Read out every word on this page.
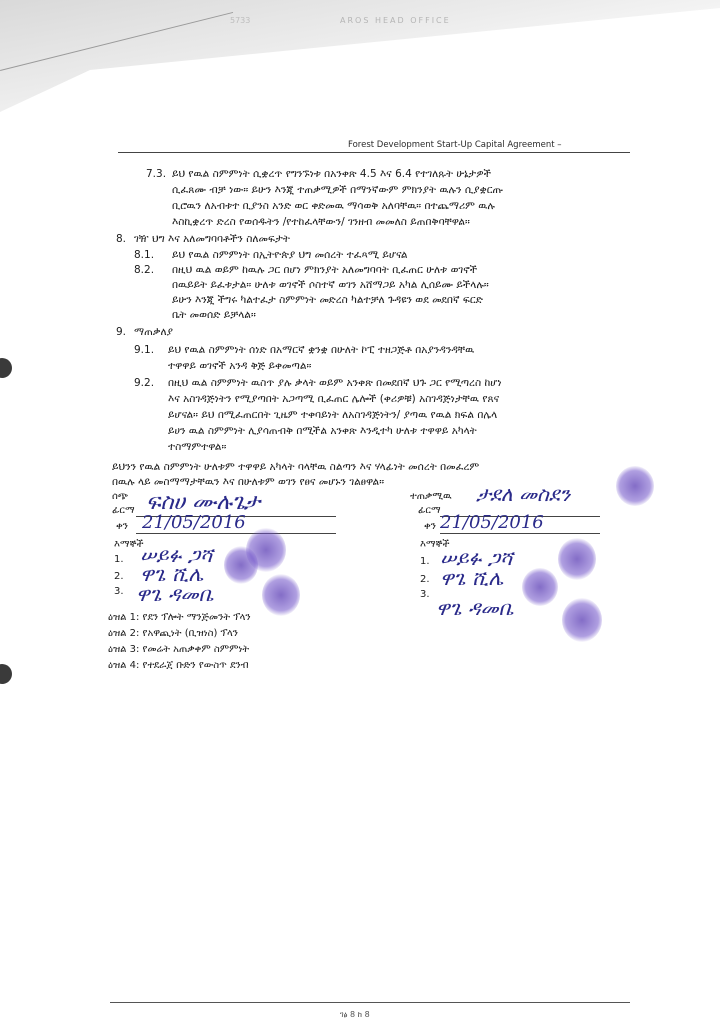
5733	AROS HEAD OFFICE
Forest Development Start-Up Capital Agreement –
7.3. ይህ የዉል ስምምነት ሲቋረጥ የግንኙነቱ በአንቀጽ 4.5 እና 6.4 የተገለጹት ሁኔታዎች
ሲፈጸሙ ብቻ ነው። ይሁን እንጂ ተጠቃሚዎች በማንኛውም ምክንያት ዉሉን ሲያቋርጡ
ቢሮዉን ለአብቱተ ቢያንስ አንድ ወር ቀድመዉ ማሳወቅ አለባቸዉ። በተጨማሪም ዉሉ
እስኪቋረጥ ድረስ የወሰዱትን /የተከፈላቸውን/ ገንዘብ መመለስ ይጠበቅባቸዋል።
8. ገዥ ህግ እና አለመግባባቶችን ስለመፍታት
8.1. ይህ የዉል ስምምነት በኢትዮጵያ ህግ መሰረት ተፈጻሚ ይሆናል
8.2. በዚህ ዉል ወይም ከዉሉ ጋር በሆነ ምክንያት አለመግባባት ቢፈጠር ሁለቱ ወገኖች
በዉይይት ይፈቱታል። ሁለቱ ወገኖች ሶስተኛ ወገን አሸማጋይ አካል ሊሰይሙ ይችላሉ።
ይሁን እንጂ ችግሩ ካልተፈታ ስምምነት መድረስ ካልተቻለ ጉዳዩን ወደ መደበኛ ፍርድ
ቤት መወሰድ ይቻላል።
9. ማጠቃለያ
9.1. ይህ የዉል ስምምነት ሰነድ በአማርኛ ቋንቋ በሁለት ኮፒ ተዘጋጅቶ በአያንዳንዳቸዉ
ተዋዋይ ወገኖች አንዳ ቅጅ ይቀመጣል።
9.2. በዚህ ዉል ስምምነት ዉስጥ ያሉ ቃላት ወይም አንቀጽ በመደበኛ ህጉ ጋር የሚጣረስ ከሆነ
እና አስገዳጅነትን የሚያጣበት አጋጣሚ ቢፈጠር ሌሎች (ቀሪዎቹ) አስገዳጅነታቸዉ የጸና
ይሆናል። ይህ በሚፈጠርበት ጊዜም ተቀባይነት ለአስገዳጅነትን/ ያጣዉ የዉል ክፍል በሌላ
ይሀን ዉል ስምምነት ሊያሳጠብቅ በሚችል አንቀጽ እንዲተካ ሁለቱ ተዋዋይ አካላት
ተስማምተዋል።
ይህንን የዉል ስምምነት ሁለቱም ተዋዋይ አካላት ባላቸዉ ስልጣን እና ሃላፊነት መሰረት በመፈረም
በዉሉ ላይ መስማማታቸዉን እና በሁለቱም ወገን የፀና መሆኑን ገልፀዋል።
ሰጭ
ፊርማ ፍስሀ ሙሉጌታ
ቀን 21/05/2016
እማኞች
1. ሠይፉ ጋሻ
2. ዋጌ ሺሌ
3. ዋጌ ዳመቤ
ተጠቃሚዉ ታደለ መስደን
ፊርማ
ቀን 21/05/2016
እማኞች
1. ሠይፉ ጋሻ
2. ዋጌ ሺሌ
3.
ዋጌ ዳመቤ
ዕዝል 1: የደን ፕሎት ማንጅመንት ፕላን
ዕዝል 2: የአዋጪነት (ቢዝነስ) ፕላን
ዕዝል 3: የመሬት አጠቃቀም ስምምነት
ዕዝል 4: የተደራጀ ቡድን የውስጥ ደንብ
ገፅ 8 ከ 8
